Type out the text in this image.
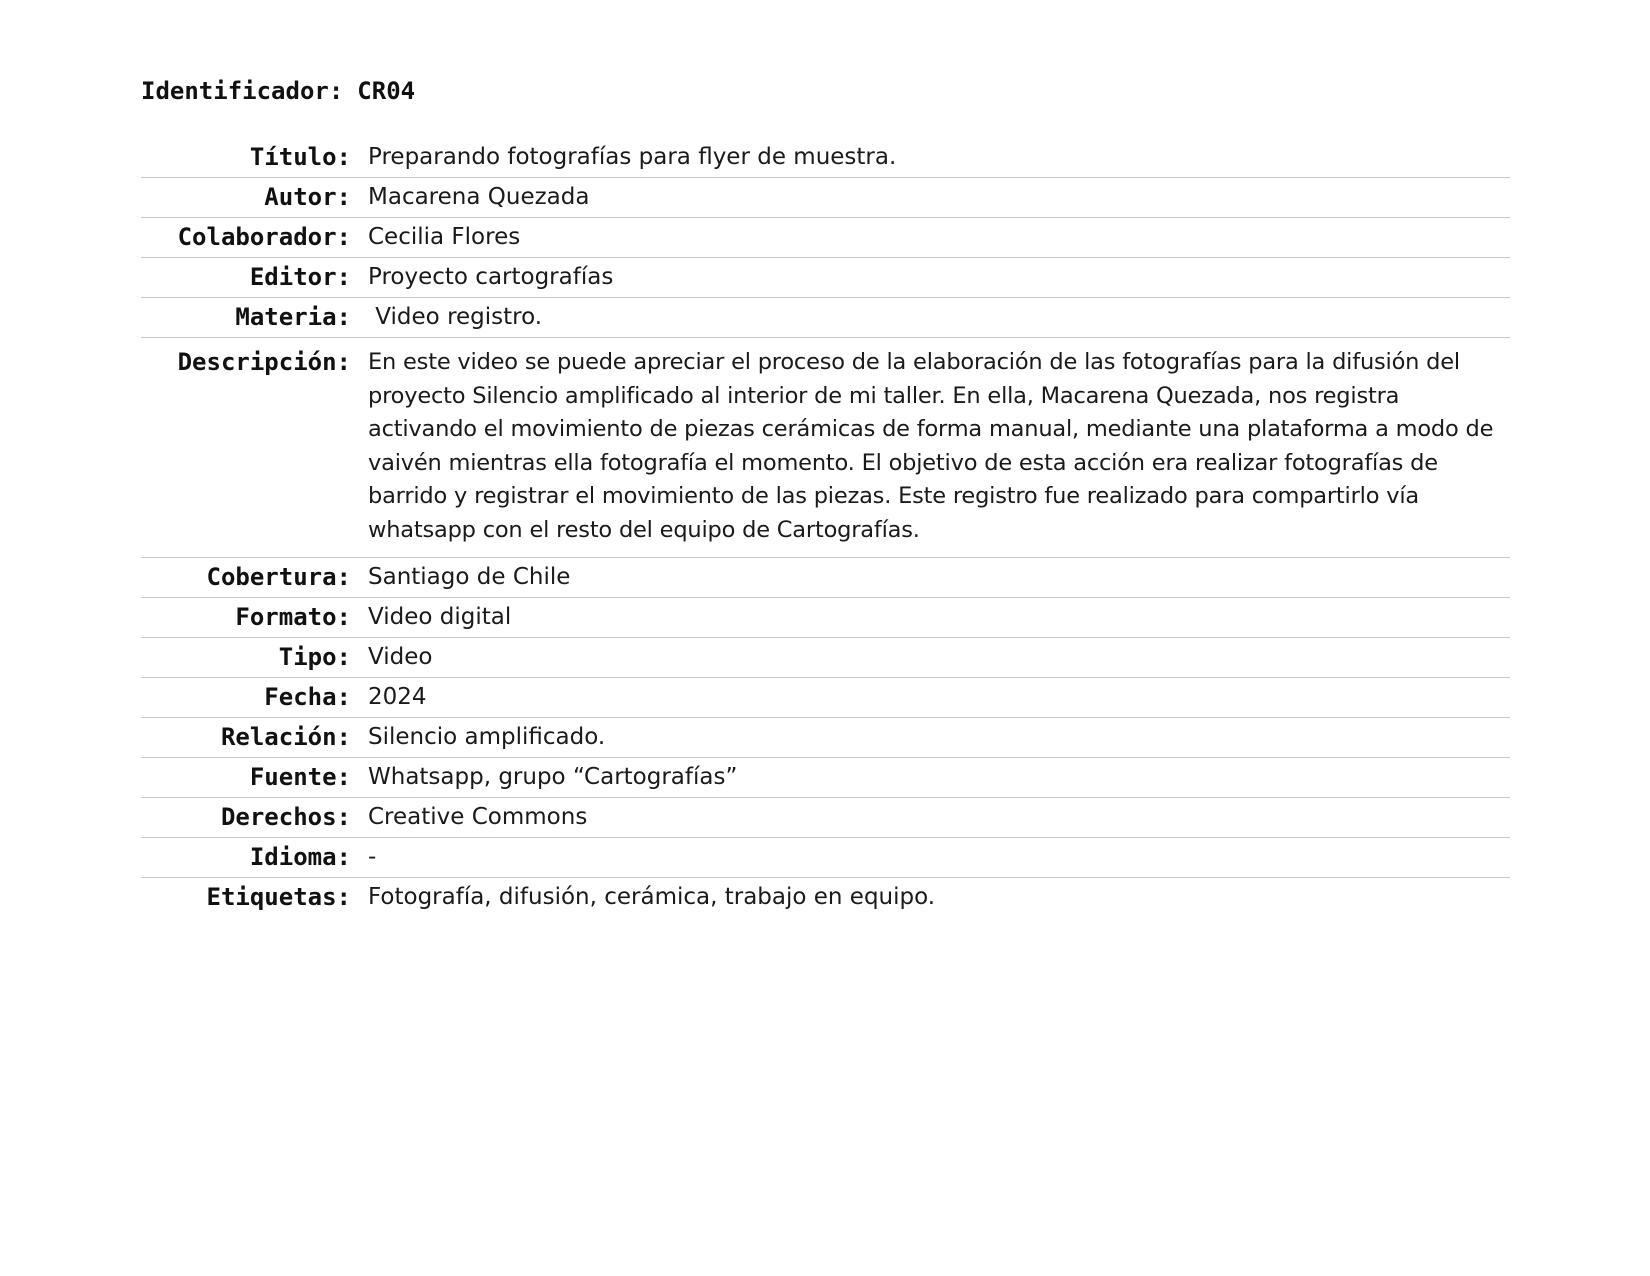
Identificador: CR04
Título: Preparando fotografías para flyer de muestra.
Autor: Macarena Quezada
Colaborador: Cecilia Flores
Editor: Proyecto cartografías
Materia: Video registro.
Descripción: En este video se puede apreciar el proceso de la elaboración de las fotografías para la difusión del proyecto Silencio amplificado al interior de mi taller. En ella, Macarena Quezada, nos registra activando el movimiento de piezas cerámicas de forma manual, mediante una plataforma a modo de vaivén mientras ella fotografía el momento. El objetivo de esta acción era realizar fotografías de barrido y registrar el movimiento de las piezas. Este registro fue realizado para compartirlo vía whatsapp con el resto del equipo de Cartografías.
Cobertura: Santiago de Chile
Formato: Video digital
Tipo: Video
Fecha: 2024
Relación: Silencio amplificado.
Fuente: Whatsapp, grupo “Cartografías”
Derechos: Creative Commons
Idioma: -
Etiquetas: Fotografía, difusión, cerámica, trabajo en equipo.
